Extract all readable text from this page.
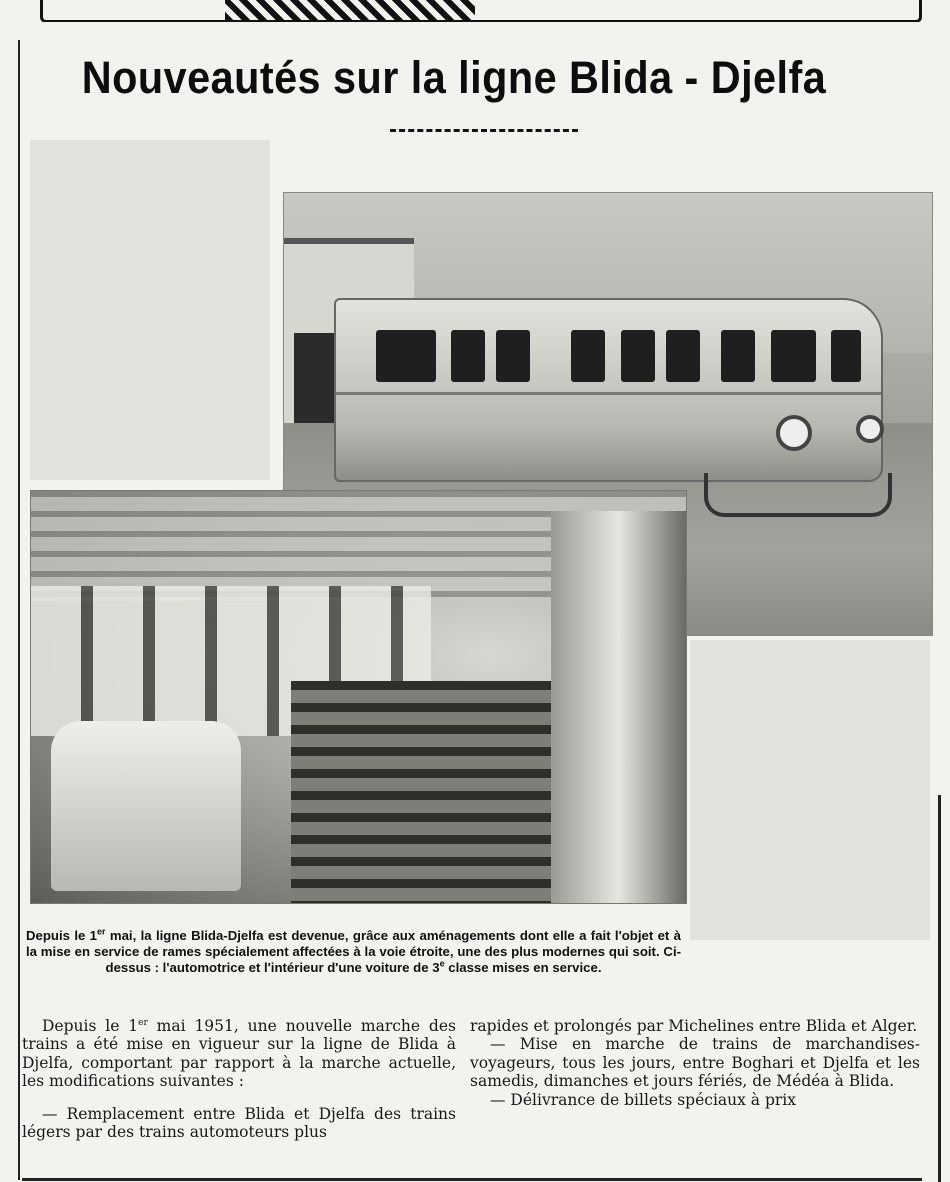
Nouveautés sur la ligne Blida - Djelfa

Depuis le 1er mai, la ligne Blida-Djelfa est devenue, grâce aux aménagements dont elle a fait l'objet et à la mise en service de rames spécialement affectées à la voie étroite, une des plus modernes qui soit. Ci-dessus : l'automotrice et l'intérieur d'une voiture de 3e classe mises en service.

Depuis le 1er mai 1951, une nouvelle marche des trains a été mise en vigueur sur la ligne de Blida à Djelfa, comportant par rapport à la marche actuelle, les modifications suivantes :

— Remplacement entre Blida et Djelfa des trains légers par des trains automoteurs plus

rapides et prolongés par Michelines entre Blida et Alger.

— Mise en marche de trains de marchandises-voyageurs, tous les jours, entre Boghari et Djelfa et les samedis, dimanches et jours fériés, de Médéa à Blida.

— Délivrance de billets spéciaux à prix
